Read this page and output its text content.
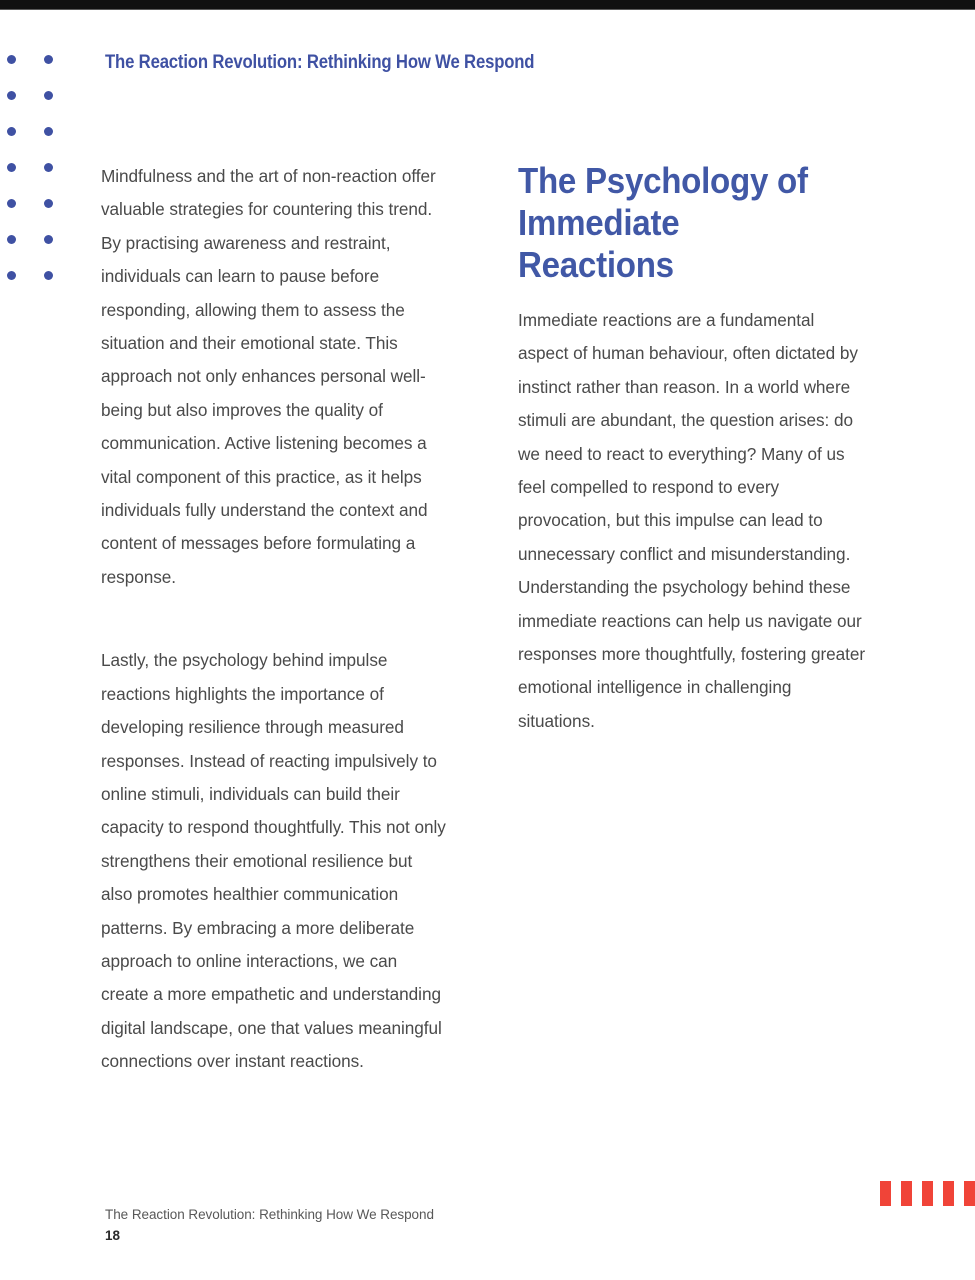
The Reaction Revolution: Rethinking How We Respond

Mindfulness and the art of non-reaction offer valuable strategies for countering this trend. By practising awareness and restraint, individuals can learn to pause before responding, allowing them to assess the situation and their emotional state. This approach not only enhances personal well-being but also improves the quality of communication. Active listening becomes a vital component of this practice, as it helps individuals fully understand the context and content of messages before formulating a response.

Lastly, the psychology behind impulse reactions highlights the importance of developing resilience through measured responses. Instead of reacting impulsively to online stimuli, individuals can build their capacity to respond thoughtfully. This not only strengthens their emotional resilience but also promotes healthier communication patterns. By embracing a more deliberate approach to online interactions, we can create a more empathetic and understanding digital landscape, one that values meaningful connections over instant reactions.

The Psychology of Immediate Reactions

Immediate reactions are a fundamental aspect of human behaviour, often dictated by instinct rather than reason. In a world where stimuli are abundant, the question arises: do we need to react to everything? Many of us feel compelled to respond to every provocation, but this impulse can lead to unnecessary conflict and misunderstanding. Understanding the psychology behind these immediate reactions can help us navigate our responses more thoughtfully, fostering greater emotional intelligence in challenging situations.

The Reaction Revolution: Rethinking How We Respond
18
